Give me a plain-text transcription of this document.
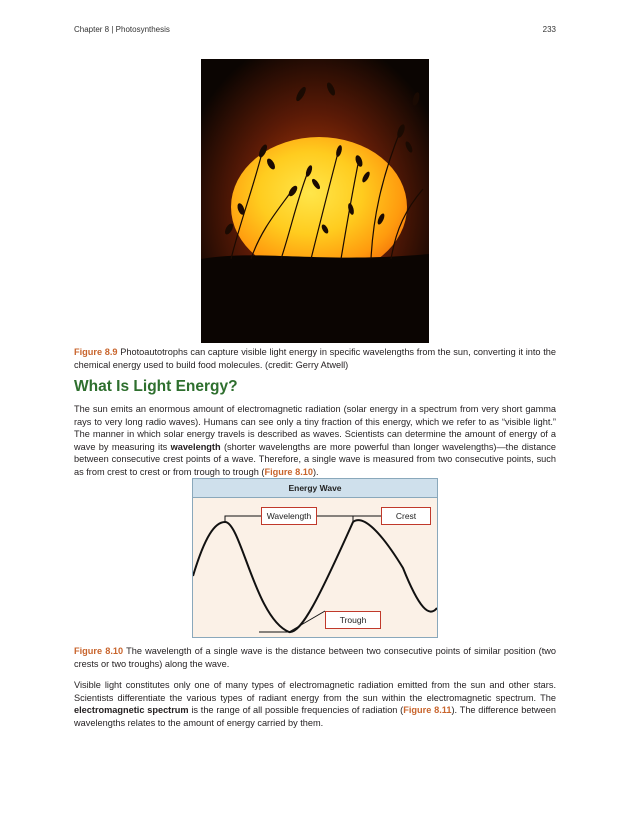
Chapter 8 | Photosynthesis	233
Figure 8.9 Photoautotrophs can capture visible light energy in specific wavelengths from the sun, converting it into the chemical energy used to build food molecules. (credit: Gerry Atwell)
What Is Light Energy?
The sun emits an enormous amount of electromagnetic radiation (solar energy in a spectrum from very short gamma rays to very long radio waves). Humans can see only a tiny fraction of this energy, which we refer to as “visible light.” The manner in which solar energy travels is described as waves. Scientists can determine the amount of energy of a wave by measuring its wavelength (shorter wavelengths are more powerful than longer wavelengths)—the distance between consecutive crest points of a wave. Therefore, a single wave is measured from two consecutive points, such as from crest to crest or from trough to trough (Figure 8.10).
Energy Wave
Wavelength	Crest
Trough
Figure 8.10 The wavelength of a single wave is the distance between two consecutive points of similar position (two crests or two troughs) along the wave.
Visible light constitutes only one of many types of electromagnetic radiation emitted from the sun and other stars. Scientists differentiate the various types of radiant energy from the sun within the electromagnetic spectrum. The electromagnetic spectrum is the range of all possible frequencies of radiation (Figure 8.11). The difference between wavelengths relates to the amount of energy carried by them.
